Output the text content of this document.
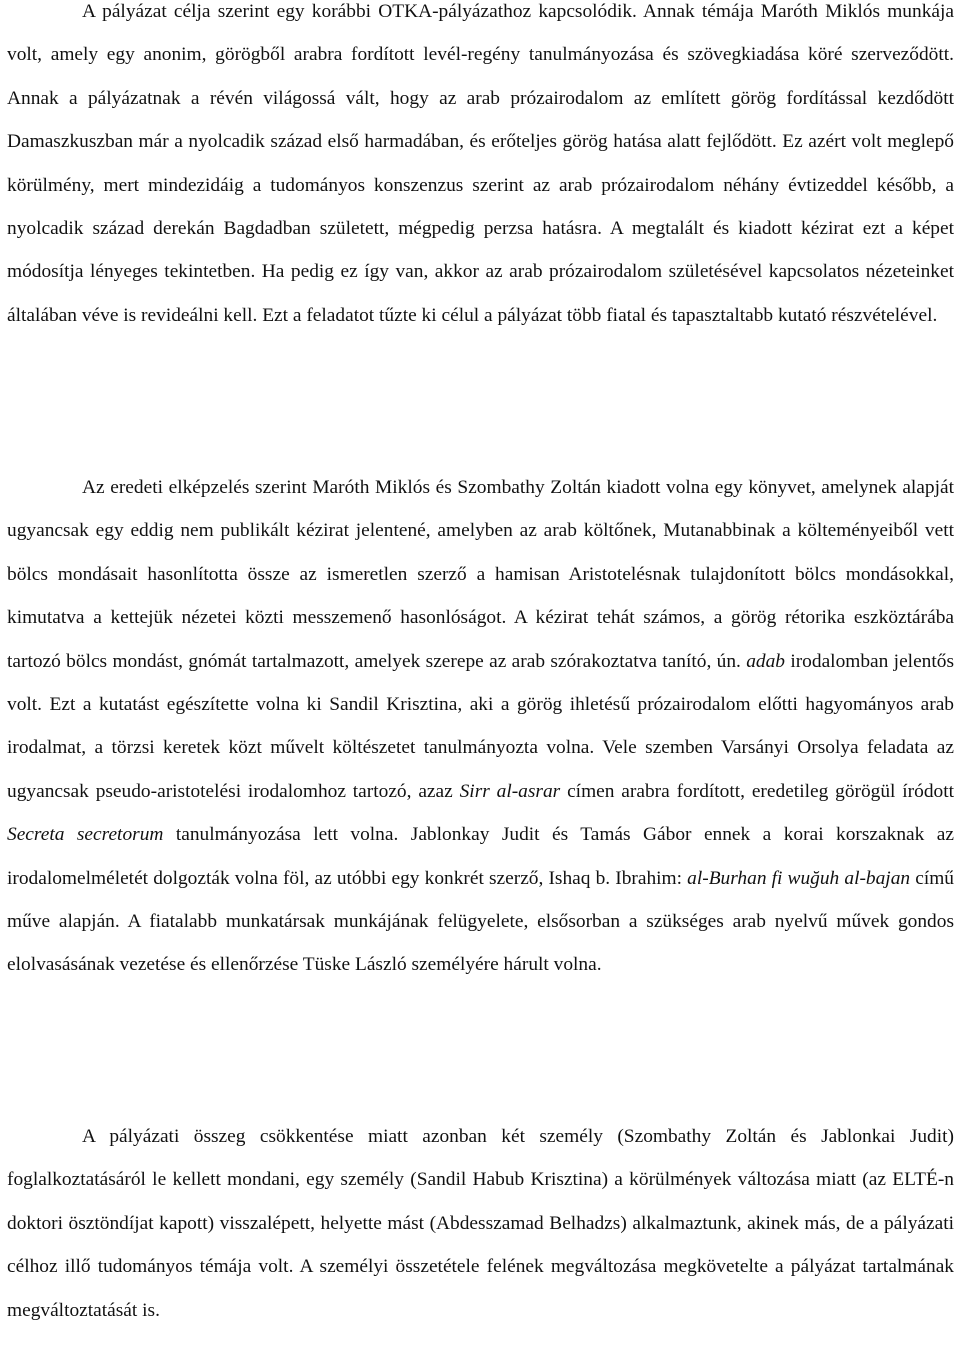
A pályázat célja szerint egy korábbi OTKA-pályázathoz kapcsolódik. Annak témája Maróth Miklós munkája volt, amely egy anonim, görögből arabra fordított levél-regény tanulmányozása és szövegkiadása köré szerveződött. Annak a pályázatnak a révén világossá vált, hogy az arab prózairodalom az említett görög fordítással kezdődött Damaszkuszban már a nyolcadik század első harmadában, és erőteljes görög hatása alatt fejlődött. Ez azért volt meglepő körülmény, mert mindezidáig a tudományos konszenzus szerint az arab prózairodalom néhány évtizeddel később, a nyolcadik század derekán Bagdadban született, mégpedig perzsa hatásra. A megtalált és kiadott kézirat ezt a képet módosítja lényeges tekintetben. Ha pedig ez így van, akkor az arab prózairodalom születésével kapcsolatos nézeteinket általában véve is revideálni kell. Ezt a feladatot tűzte ki célul a pályázat több fiatal és tapasztaltabb kutató részvételével.

Az eredeti elképzelés szerint Maróth Miklós és Szombathy Zoltán kiadott volna egy könyvet, amelynek alapját ugyancsak egy eddig nem publikált kézirat jelentené, amelyben az arab költőnek, Mutanabbinak a költeményeiből vett bölcs mondásait hasonlította össze az ismeretlen szerző a hamisan Aristotelésnak tulajdonított bölcs mondásokkal, kimutatva a kettejük nézetei közti messzemenő hasonlóságot. A kézirat tehát számos, a görög rétorika eszköztárába tartozó bölcs mondást, gnómát tartalmazott, amelyek szerepe az arab szórakoztatva tanító, ún. adab irodalomban jelentős volt. Ezt a kutatást egészítette volna ki Sandil Krisztina, aki a görög ihletésű prózairodalom előtti hagyományos arab irodalmat, a törzsi keretek közt művelt költészetet tanulmányozta volna. Vele szemben Varsányi Orsolya feladata az ugyancsak pseudo-aristotelési irodalomhoz tartozó, azaz Sirr al-asrar címen arabra fordított, eredetileg görögül íródott Secreta secretorum tanulmányozása lett volna. Jablonkay Judit és Tamás Gábor ennek a korai korszaknak az irodalomelméletét dolgozták volna föl, az utóbbi egy konkrét szerző, Ishaq b. Ibrahim: al-Burhan fi wuğuh al-bajan című műve alapján. A fiatalabb munkatársak munkájának felügyelete, elsősorban a szükséges arab nyelvű művek gondos elolvasásának vezetése és ellenőrzése Tüske László személyére hárult volna.

A pályázati összeg csökkentése miatt azonban két személy (Szombathy Zoltán és Jablonkai Judit) foglalkoztatásáról le kellett mondani, egy személy (Sandil Habub Krisztina) a körülmények változása miatt (az ELTÉ-n doktori ösztöndíjat kapott) visszalépett, helyette mást (Abdesszamad Belhadzs) alkalmaztunk, akinek más, de a pályázati célhoz illő tudományos témája volt. A személyi összetétele felének megváltozása megkövetelte a pályázat tartalmának megváltoztatását is.
